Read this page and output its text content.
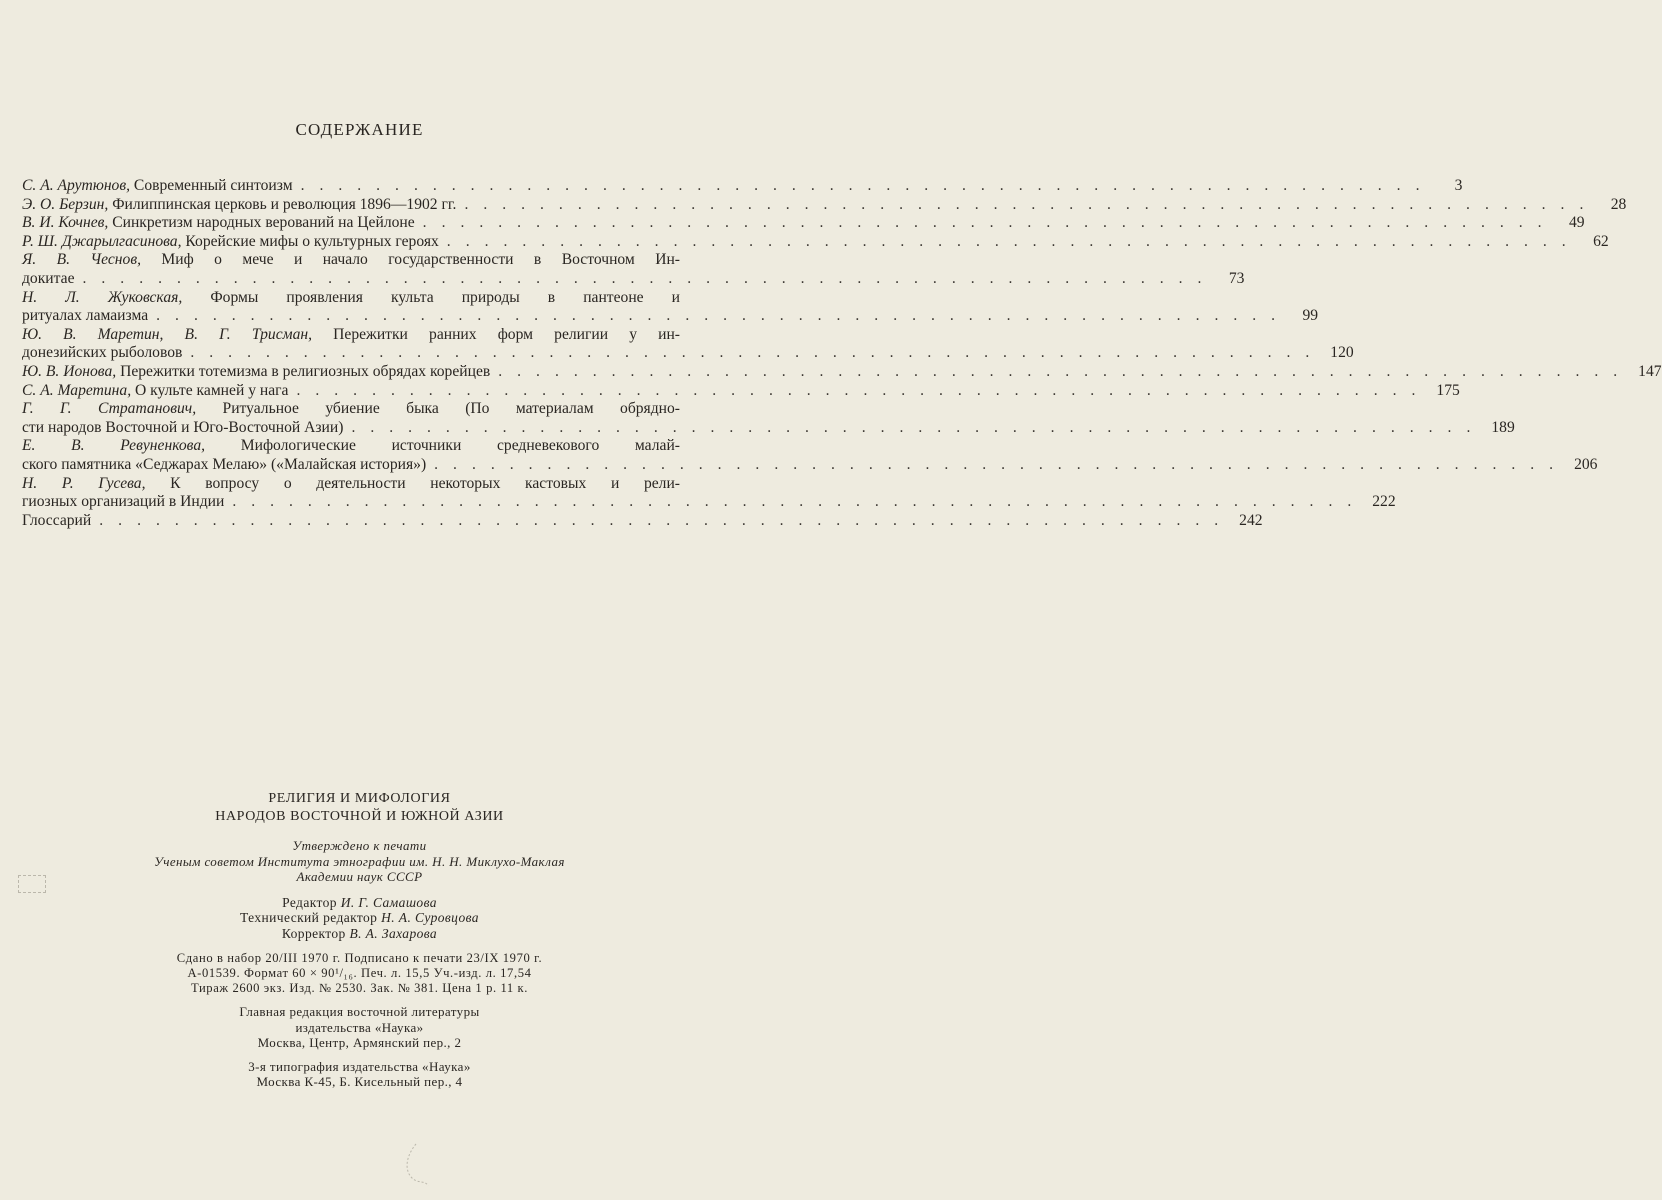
СОДЕРЖАНИЕ
С. А. Арутюнов, Современный синтоизм ............................................................	3
Э. О. Берзин, Филиппинская церковь и революция 1896—1902 гг. ............................................................ 28
В. И. Кочнев, Синкретизм народных верований на Цейлоне ............................................................ 49
Р. Ш. Джарылгасинова, Корейские мифы о культурных героях ............................................................ 62
Я. В. Чеснов, Миф о мече и начало государственности в Восточном Ин-
докитае ............................................................ 73
Н. Л. Жуковская, Формы проявления культа природы в пантеоне и
ритуалах ламаизма ............................................................ 99
Ю. В. Маретин, В. Г. Трисман, Пережитки ранних форм религии у ин-
донезийских рыболовов ............................................................ 120
Ю. В. Ионова, Пережитки тотемизма в религиозных обрядах корейцев ............................................................ 147
С. А. Маретина, О культе камней у нага ............................................................ 175
Г. Г. Стратанович, Ритуальное убиение быка (По материалам обрядно-
сти народов Восточной и Юго-Восточной Азии) ............................................................ 189
Е. В. Ревуненкова, Мифологические источники средневекового малай-
ского памятника «Седжарах Мелаю» («Малайская история») ............................................................ 206
Н. Р. Гусева, К вопросу о деятельности некоторых кастовых и рели-
гиозных организаций в Индии ............................................................ 222
Глоссарий ............................................................ 242
РЕЛИГИЯ И МИФОЛОГИЯ
НАРОДОВ ВОСТОЧНОЙ И ЮЖНОЙ АЗИИ
Утверждено к печати
Ученым советом Института этнографии им. Н. Н. Миклухо-Маклая
Академии наук СССР
Редактор И. Г. Самашова
Технический редактор Н. А. Суровцова
Корректор В. А. Захарова
Сдано в набор 20/III 1970 г. Подписано к печати 23/IX 1970 г.
А-01539. Формат 60 × 90¹/₁₆. Печ. л. 15,5 Уч.-изд. л. 17,54
Тираж 2600 экз. Изд. № 2530. Зак. № 381. Цена 1 р. 11 к.
Главная редакция восточной литературы
издательства «Наука»
Москва, Центр, Армянский пер., 2
3-я типография издательства «Наука»
Москва К-45, Б. Кисельный пер., 4
